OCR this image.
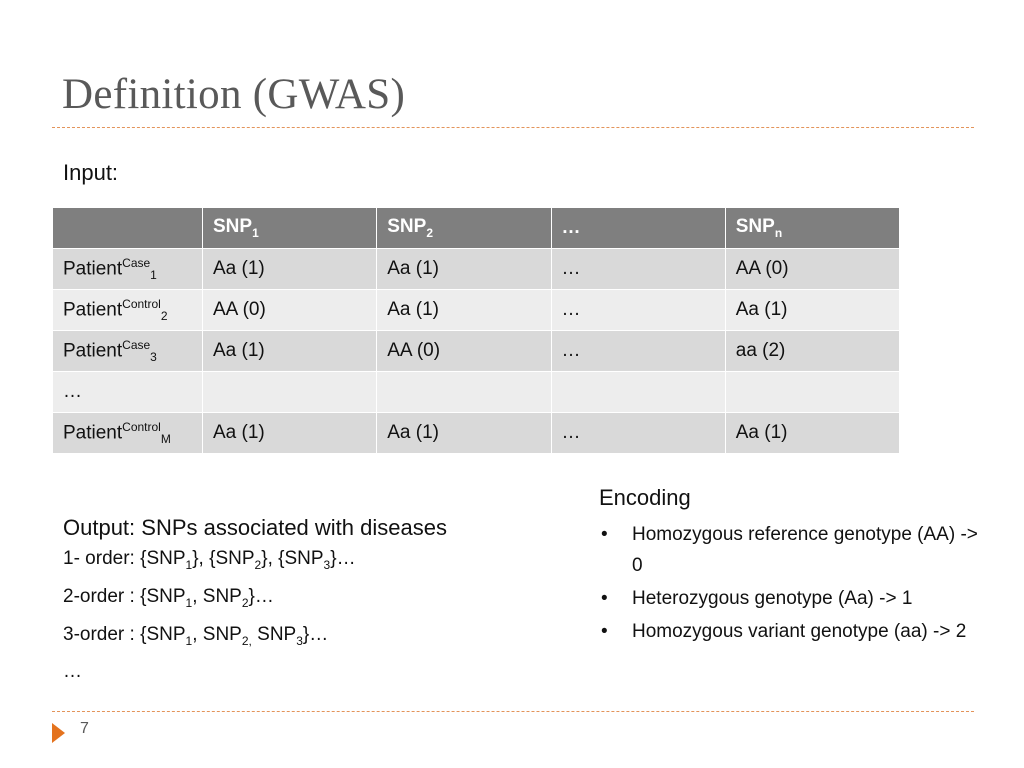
Definition (GWAS)
Input:
	$SNP_1$	$SNP_2$	…	$SNP_n$
Patient$^{Case}_1$	Aa (1)	Aa (1)	…	AA (0)
Patient$^{Control}_2$	AA (0)	Aa (1)	…	Aa (1)
Patient$^{Case}_3$	Aa (1)	AA (0)	…	aa (2)
…				
Patient$^{Control}_M$	Aa (1)	Aa (1)	…	Aa (1)
Output: SNPs associated with diseases
1- order: $\{SNP_1\}$, $\{SNP_2\}$, $\{SNP_3\}\dots$
2-order : {$SNP_1$, $SNP_2\}\dots$
3-order : {$SNP_1$, $SNP_{2,}$ $SNP_3\}\dots$
…
Encoding
• Homozygous reference genotype (AA) -> 0
• Heterozygous genotype (Aa) -> 1
• Homozygous variant genotype (aa) -> 2
7
